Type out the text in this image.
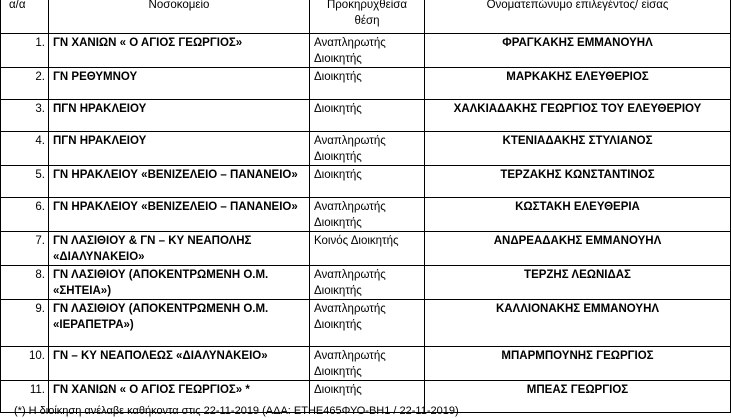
α/α	Νοσοκομείο	Προκηρυχθείσα θέση	Ονοματεπώνυμο επιλεγέντος/ είσας
1.	ΓΝ ΧΑΝΙΩΝ « Ο ΑΓΙΟΣ ΓΕΩΡΓΙΟΣ»	Αναπληρωτής Διοικητής	ΦΡΑΓΚΑΚΗΣ ΕΜΜΑΝΟΥΗΛ
2.	ΓΝ ΡΕΘΥΜΝΟΥ	Διοικητής	ΜΑΡΚΑΚΗΣ ΕΛΕΥΘΕΡΙΟΣ
3.	ΠΓΝ ΗΡΑΚΛΕΙΟΥ	Διοικητής	ΧΑΛΚΙΑΔΑΚΗΣ ΓΕΩΡΓΙΟΣ ΤΟΥ ΕΛΕΥΘΕΡΙΟΥ
4.	ΠΓΝ ΗΡΑΚΛΕΙΟΥ	Αναπληρωτής Διοικητής	ΚΤΕΝΙΑΔΑΚΗΣ ΣΤΥΛΙΑΝΟΣ
5.	ΓΝ ΗΡΑΚΛΕΙΟΥ «ΒΕΝΙΖΕΛΕΙΟ – ΠΑΝΑΝΕΙΟ»	Διοικητής	ΤΕΡΖΑΚΗΣ ΚΩΝΣΤΑΝΤΙΝΟΣ
6.	ΓΝ ΗΡΑΚΛΕΙΟΥ «ΒΕΝΙΖΕΛΕΙΟ – ΠΑΝΑΝΕΙΟ»	Αναπληρωτής Διοικητής	ΚΩΣΤΑΚΗ ΕΛΕΥΘΕΡΙΑ
7.	ΓΝ ΛΑΣΙΘΙΟΥ & ΓΝ – ΚΥ ΝΕΑΠΟΛΗΣ «ΔΙΑΛΥΝΑΚΕΙΟ»	Κοινός Διοικητής	ΑΝΔΡΕΑΔΑΚΗΣ ΕΜΜΑΝΟΥΗΛ
8.	ΓΝ ΛΑΣΙΘΙΟΥ (ΑΠΟΚΕΝΤΡΩΜΕΝΗ Ο.Μ. «ΣΗΤΕΙΑ»)	Αναπληρωτής Διοικητής	ΤΕΡΖΗΣ ΛΕΩΝΙΔΑΣ
9.	ΓΝ ΛΑΣΙΘΙΟΥ (ΑΠΟΚΕΝΤΡΩΜΕΝΗ Ο.Μ. «ΙΕΡΑΠΕΤΡΑ»)	Αναπληρωτής Διοικητής	ΚΑΛΛΙΟΝΑΚΗΣ ΕΜΜΑΝΟΥΗΛ
10.	ΓΝ – ΚΥ ΝΕΑΠΟΛΕΩΣ «ΔΙΑΛΥΝΑΚΕΙΟ»	Αναπληρωτής Διοικητής	ΜΠΑΡΜΠΟΥΝΗΣ ΓΕΩΡΓΙΟΣ
11.	ΓΝ ΧΑΝΙΩΝ « Ο ΑΓΙΟΣ ΓΕΩΡΓΙΟΣ» *	Διοικητής	ΜΠΕΑΣ ΓΕΩΡΓΙΟΣ
(*) Η διοίκηση ανέλαβε καθήκοντα στις 22-11-2019 (ΑΔΑ: ΕΤΗΕ465ΦΥΟ-ΒΗ1 / 22-11-2019)
